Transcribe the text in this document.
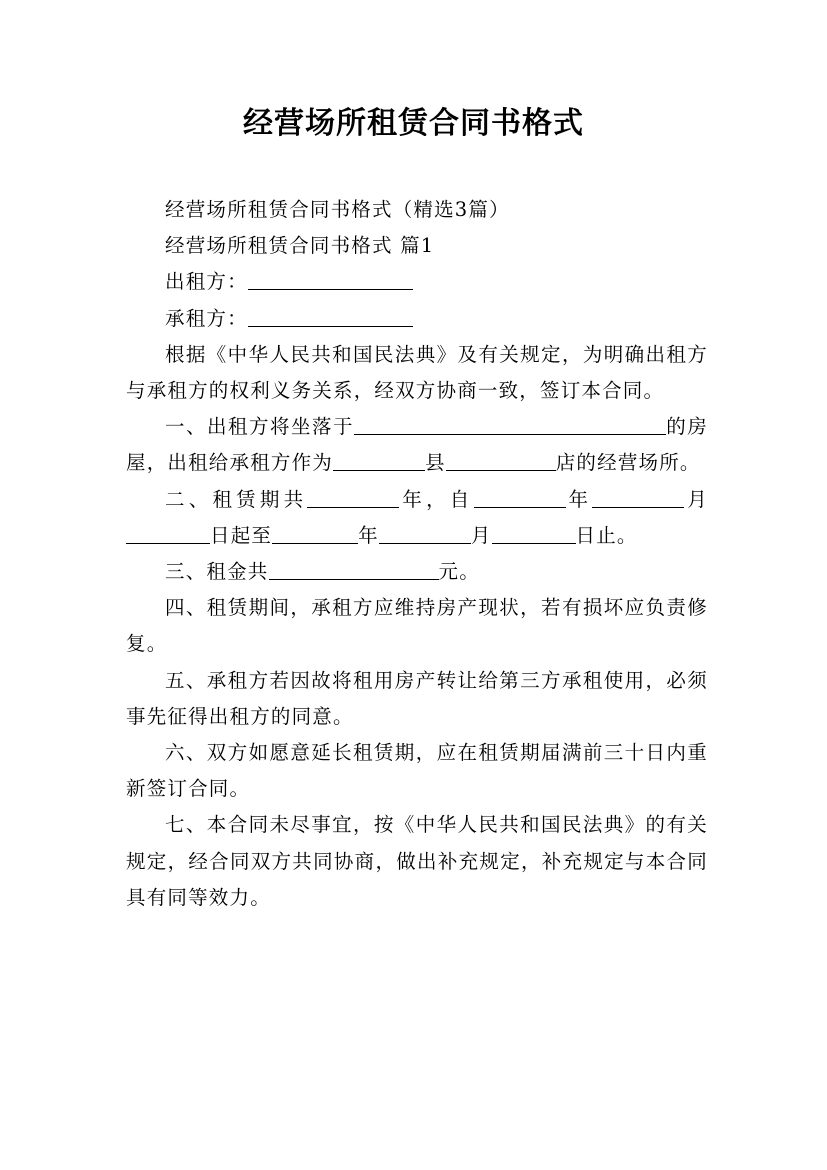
经营场所租赁合同书格式

经营场所租赁合同书格式（精选3篇）

经营场所租赁合同书格式 篇1

出租方：

承租方：

根据《中华人民共和国民法典》及有关规定，为明确出租方与承租方的权利义务关系，经双方协商一致，签订本合同。

一、出租方将坐落于	的房屋，出租给承租方作为	县	店的经营场所。

二、租赁期共	年，自	年	月日起至	年	月	日止。

三、租金共	元。

四、租赁期间，承租方应维持房产现状，若有损坏应负责修复。

五、承租方若因故将租用房产转让给第三方承租使用，必须事先征得出租方的同意。

六、双方如愿意延长租赁期，应在租赁期届满前三十日内重新签订合同。

七、本合同未尽事宜，按《中华人民共和国民法典》的有关规定，经合同双方共同协商，做出补充规定，补充规定与本合同具有同等效力。
